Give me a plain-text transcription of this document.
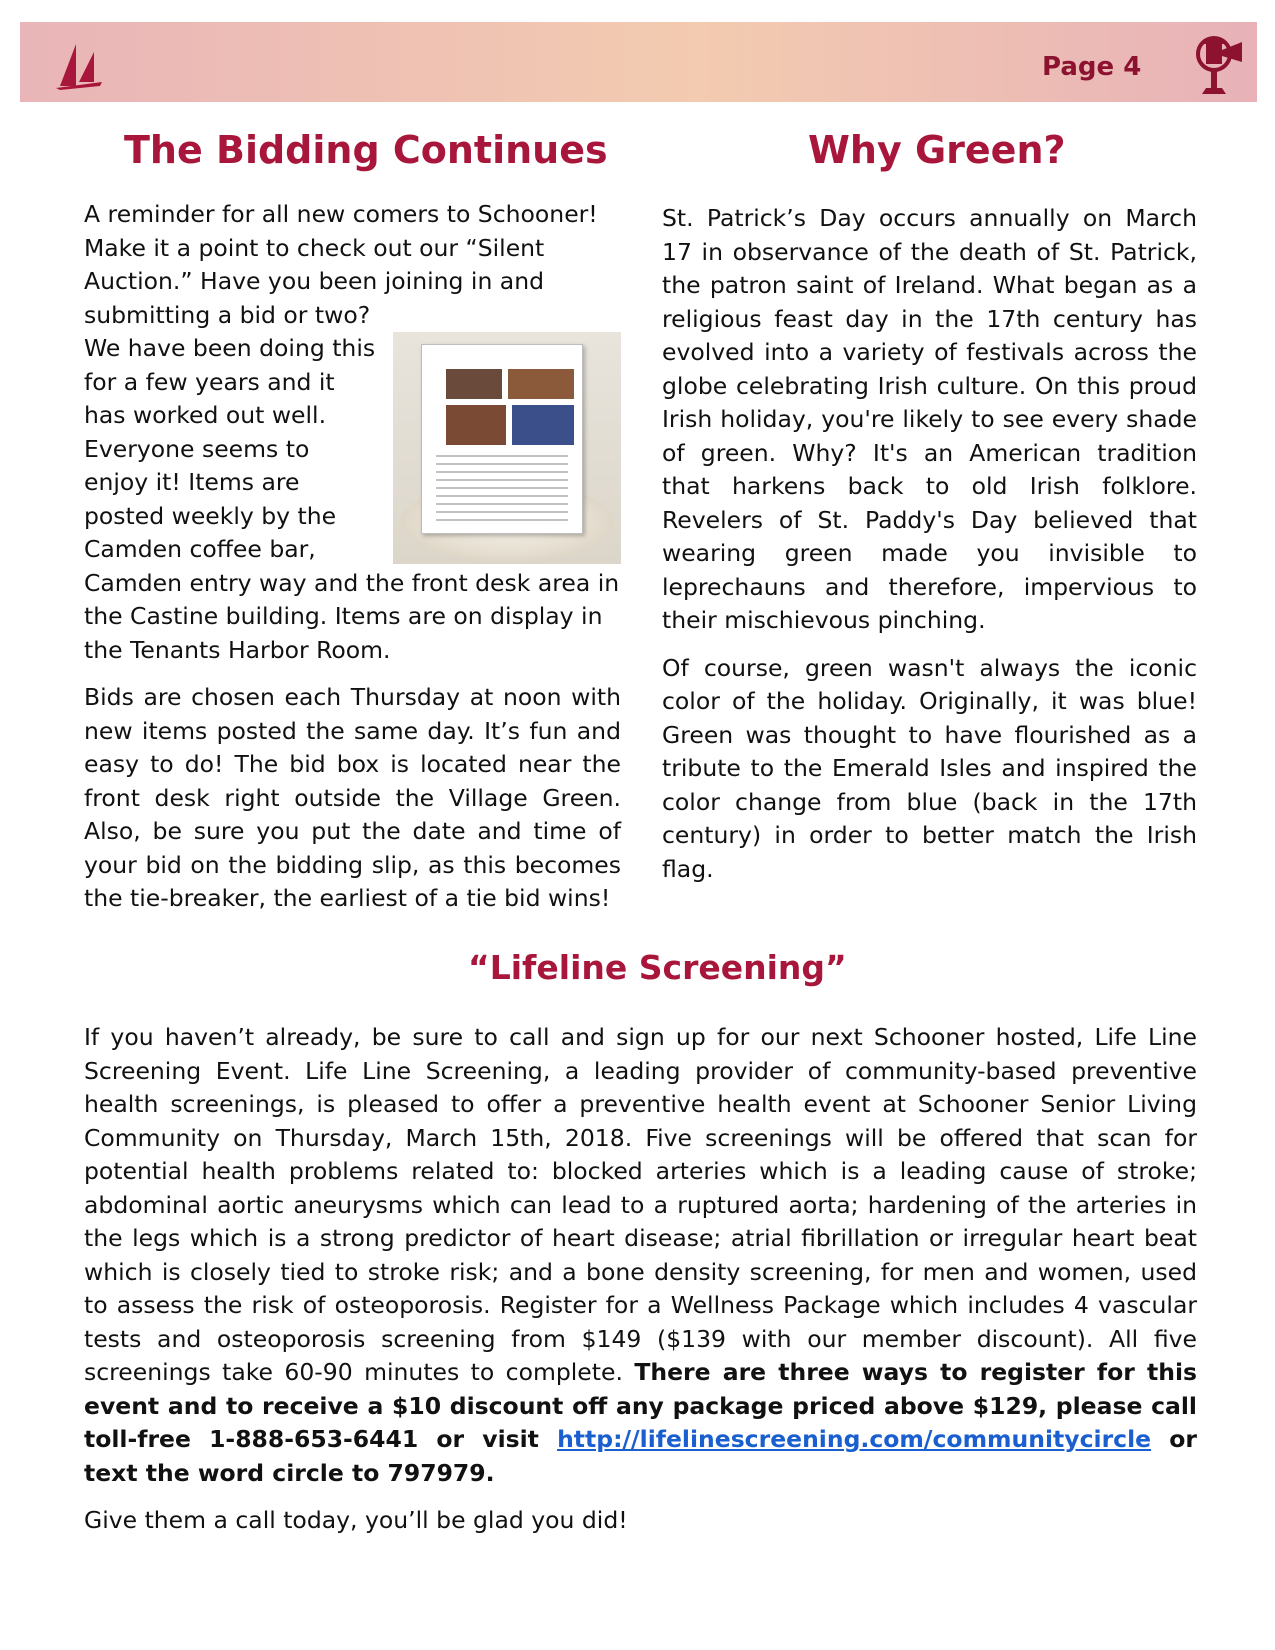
Page 4
The Bidding Continues	Why Green?

A reminder for all new comers to Schooner! Make it a point to check out our “Silent Auction.” Have you been joining in and submitting a bid or two?

We have been doing this for a few years and it has worked out well. Everyone seems to enjoy it! Items are posted weekly by the Camden coffee bar, Camden entry way and the front desk area in the Castine building. Items are on display in the Tenants Harbor Room.

Bids are chosen each Thursday at noon with new items posted the same day. It’s fun and easy to do! The bid box is located near the front desk right outside the Village Green. Also, be sure you put the date and time of your bid on the bidding slip, as this becomes the tie-breaker, the earliest of a tie bid wins!

St. Patrick’s Day occurs annually on March 17 in observance of the death of St. Patrick, the patron saint of Ireland. What began as a religious feast day in the 17th century has evolved into a variety of festivals across the globe celebrating Irish culture. On this proud Irish holiday, you're likely to see every shade of green. Why? It's an American tradition that harkens back to old Irish folklore. Revelers of St. Paddy's Day believed that wearing green made you invisible to leprechauns and therefore, impervious to their mischievous pinching.

Of course, green wasn't always the iconic color of the holiday. Originally, it was blue! Green was thought to have flourished as a tribute to the Emerald Isles and inspired the color change from blue (back in the 17th century) in order to better match the Irish flag.

“Lifeline Screening”

If you haven’t already, be sure to call and sign up for our next Schooner hosted, Life Line Screening Event. Life Line Screening, a leading provider of community-based preventive health screenings, is pleased to offer a preventive health event at Schooner Senior Living Community on Thursday, March 15th, 2018. Five screenings will be offered that scan for potential health problems related to: blocked arteries which is a leading cause of stroke; abdominal aortic aneurysms which can lead to a ruptured aorta; hardening of the arteries in the legs which is a strong predictor of heart disease; atrial fibrillation or irregular heart beat which is closely tied to stroke risk; and a bone density screening, for men and women, used to assess the risk of osteoporosis. Register for a Wellness Package which includes 4 vascular tests and osteoporosis screening from $149 ($139 with our member discount). All five screenings take 60-90 minutes to complete. There are three ways to register for this event and to receive a $10 discount off any package priced above $129, please call toll-free 1-888-653-6441 or visit http://lifelinescreening.com/communitycircle or text the word circle to 797979.

Give them a call today, you’ll be glad you did!
